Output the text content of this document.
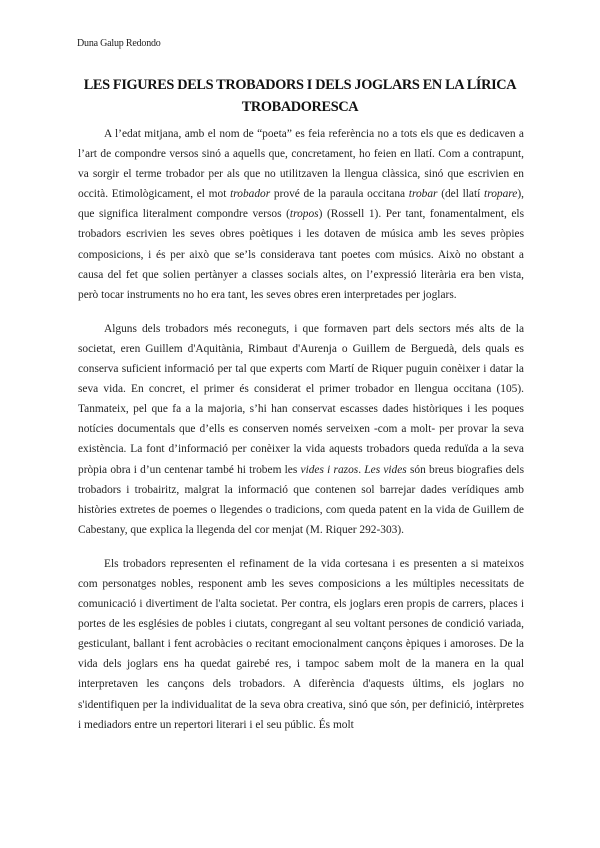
Duna Galup Redondo
LES FIGURES DELS TROBADORS I DELS JOGLARS EN LA LÍRICA TROBADORESCA

A l’edat mitjana, amb el nom de “poeta” es feia referència no a tots els que es dedicaven a l’art de compondre versos sinó a aquells que, concretament, ho feien en llatí. Com a contrapunt, va sorgir el terme trobador per als que no utilitzaven la llengua clàssica, sinó que escrivien en occità. Etimològicament, el mot trobador prové de la paraula occitana trobar (del llatí tropare), que significa literalment compondre versos (tropos) (Rossell 1). Per tant, fonamentalment, els trobadors escrivien les seves obres poètiques i les dotaven de música amb les seves pròpies composicions, i és per això que se’ls considerava tant poetes com músics. Això no obstant a causa del fet que solien pertànyer a classes socials altes, on l’expressió literària era ben vista, però tocar instruments no ho era tant, les seves obres eren interpretades per joglars.

Alguns dels trobadors més reconeguts, i que formaven part dels sectors més alts de la societat, eren Guillem d'Aquitània, Rimbaut d'Aurenja o Guillem de Berguedà, dels quals es conserva suficient informació per tal que experts com Martí de Riquer puguin conèixer i datar la seva vida. En concret, el primer és considerat el primer trobador en llengua occitana (105). Tanmateix, pel que fa a la majoria, s’hi han conservat escasses dades històriques i les poques notícies documentals que d’ells es conserven només serveixen -com a molt- per provar la seva existència. La font d’informació per conèixer la vida aquests trobadors queda reduïda a la seva pròpia obra i d’un centenar també hi trobem les vides i razos. Les vides són breus biografies dels trobadors i trobairitz, malgrat la informació que contenen sol barrejar dades verídiques amb històries extretes de poemes o llegendes o tradicions, com queda patent en la vida de Guillem de Cabestany, que explica la llegenda del cor menjat (M. Riquer 292-303).

Els trobadors representen el refinament de la vida cortesana i es presenten a si mateixos com personatges nobles, responent amb les seves composicions a les múltiples necessitats de comunicació i divertiment de l'alta societat. Per contra, els joglars eren propis de carrers, places i portes de les esglésies de pobles i ciutats, congregant al seu voltant persones de condició variada, gesticulant, ballant i fent acrobàcies o recitant emocionalment cançons èpiques i amoroses. De la vida dels joglars ens ha quedat gairebé res, i tampoc sabem molt de la manera en la qual interpretaven les cançons dels trobadors. A diferència d'aquests últims, els joglars no s'identifiquen per la individualitat de la seva obra creativa, sinó que són, per definició, intèrpretes i mediadors entre un repertori literari i el seu públic. És molt
